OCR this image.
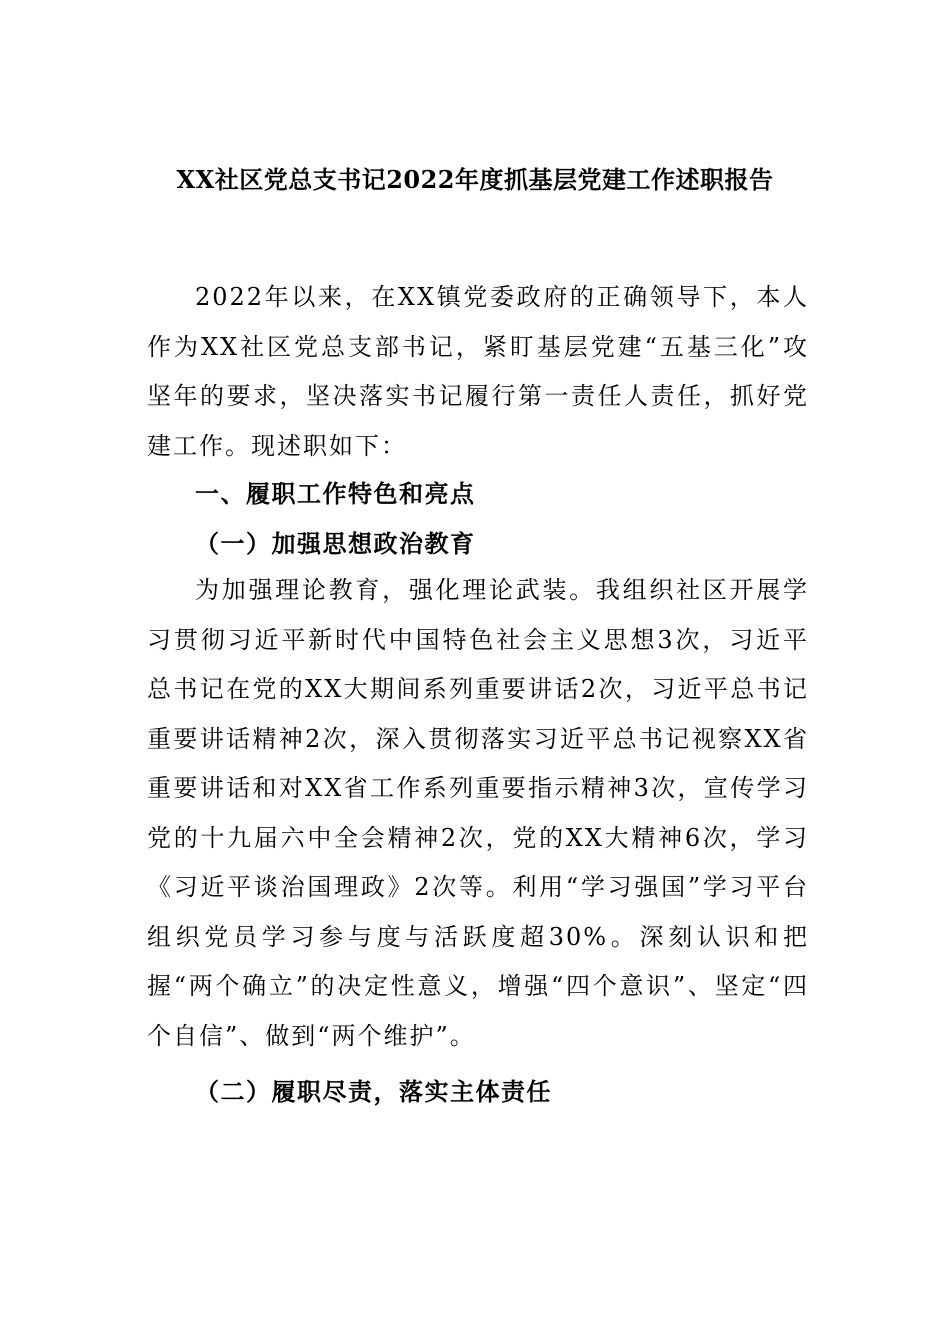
XX社区党总支书记2022年度抓基层党建工作述职报告

2022年以来，在XX镇党委政府的正确领导下，本人作为XX社区党总支部书记，紧盯基层党建“五基三化”攻坚年的要求，坚决落实书记履行第一责任人责任，抓好党建工作。现述职如下：

一、履职工作特色和亮点
（一）加强思想政治教育

为加强理论教育，强化理论武装。我组织社区开展学习贯彻习近平新时代中国特色社会主义思想3次，习近平总书记在党的XX大期间系列重要讲话2次，习近平总书记重要讲话精神2次，深入贯彻落实习近平总书记视察XX省重要讲话和对XX省工作系列重要指示精神3次，宣传学习党的十九届六中全会精神2次，党的XX大精神6次，学习《习近平谈治国理政》2次等。利用“学习强国”学习平台组织党员学习参与度与活跃度超30%。深刻认识和把握“两个确立”的决定性意义，增强“四个意识”、坚定“四个自信”、做到“两个维护”。

（二）履职尽责，落实主体责任
